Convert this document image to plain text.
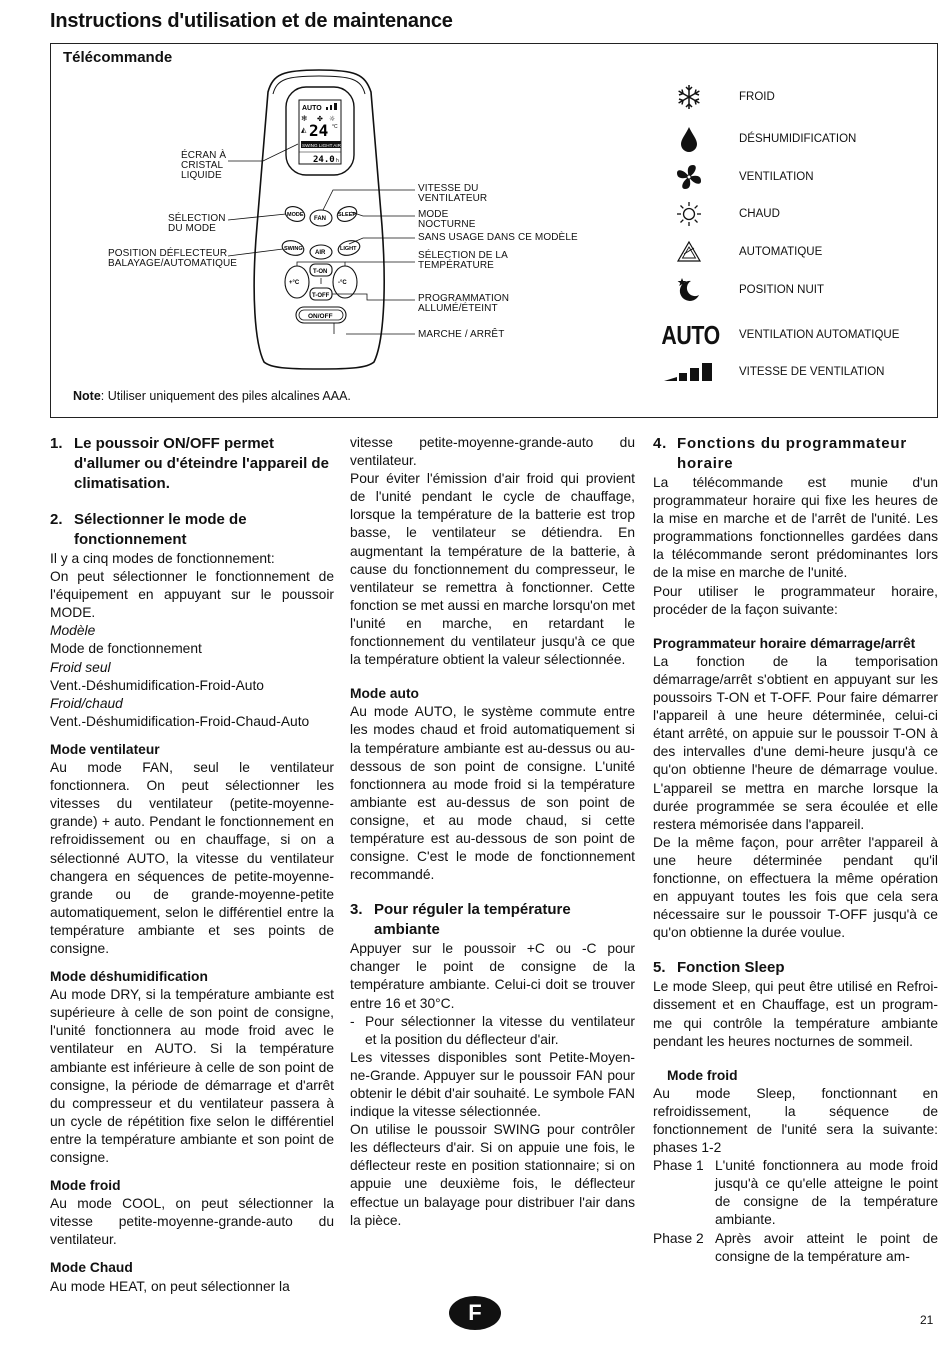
Instructions d'utilisation et de maintenance
Télécommande
AUTO
❄ ✤ ☼
24 °C
◭
SWING LIGHT AIR
24.0 h
MODE
FAN
SLEEP
SWING
AIR
LIGHT
+°C	-°C
T-ON
T-OFF
ON/OFF
ÉCRAN À
CRISTAL
LIQUIDE
SÉLECTION
DU MODE
POSITION DÉFLECTEUR
BALAYAGE/AUTOMATIQUE
VITESSE DU
VENTILATEUR
MODE
NOCTURNE
SANS USAGE DANS CE MODÈLE
SÉLECTION DE LA
TEMPÉRATURE
PROGRAMMATION
ALLUMÉ/ÉTEINT
MARCHE / ARRÊT
FROID
DÉSHUMIDIFICATION
VENTILATION
CHAUD
AUTOMATIQUE
POSITION NUIT
AUTO VENTILATION AUTOMATIQUE
VITESSE DE VENTILATION
Note: Utiliser uniquement des piles alcalines AAA.
1. Le poussoir ON/OFF permet d'allumer ou d'éteindre l'appareil de climatisation.
2. Sélectionner le mode de fonctionnement

Il y a cinq modes de fonctionnement:

On peut sélectionner le fonctionnement de l'équipement en appuyant sur le poussoir MODE.

Modèle

Mode de fonctionnement

Froid seul

Vent.-Déshumidification-Froid-Auto

Froid/chaud

Vent.-Déshumidification-Froid-Chaud-Auto

Mode ventilateur

Au mode FAN, seul le ventilateur fonctionnera. On peut sélectionner les vitesses du ventilateur (petite-moyenne-grande) + auto. Pendant le fonctionnement en refroidissement ou en chauffage, si on a sélectionné AUTO, la vitesse du ventilateur changera en séquences de petite-moyenne-grande ou de grande-moyenne-petite automatiquement, selon le différentiel entre la température ambiante et ses points de consigne.

Mode déshumidification

Au mode DRY, si la température ambiante est supérieure à celle de son point de consigne, l'unité fonctionnera au mode froid avec le ventilateur en AUTO. Si la température ambiante est inférieure à celle de son point de consigne, la période de démarrage et d'arrêt du compresseur et du ventilateur passera à un cycle de répétition fixe selon le différentiel entre la température ambiante et son point de consigne.

Mode froid

Au mode COOL, on peut sélectionner la vitesse petite-moyenne-grande-auto du ventilateur.

Mode Chaud

Au mode HEAT, on peut sélectionner la

vitesse petite-moyenne-grande-auto du ventilateur.

Pour éviter l'émission d'air froid qui provient de l'unité pendant le cycle de chauffage, lorsque la température de la batterie est trop basse, le ventilateur se détiendra. En augmentant la température de la batterie, à cause du fonctionnement du compresseur, le ventilateur se remettra à fonctionner. Cette fonction se met aussi en marche lorsqu'on met l'unité en marche, en retardant le fonctionnement du ventilateur jusqu'à ce que la température obtient la valeur sélectionnée.

Mode auto

Au mode AUTO, le système commute entre les modes chaud et froid automatiquement si la température ambiante est au-dessus ou au-dessous de son point de consigne. L'unité fonctionnera au mode froid si la température ambiante est au-dessus de son point de consigne, et au mode chaud, si cette température est au-dessous de son point de consigne. C'est le mode de fonctionnement recommandé.

3. Pour réguler la température ambiante

Appuyer sur le poussoir +C ou -C pour changer le point de consigne de la température ambiante. Celui-ci doit se trouver entre 16 et 30°C.

- Pour sélectionner la vitesse du ventilateur et la position du déflecteur d'air.

Les vitesses disponibles sont Petite-Moyen-ne-Grande. Appuyer sur le poussoir FAN pour obtenir le débit d'air souhaité. Le symbole FAN indique la vitesse sélectionnée.

On utilise le poussoir SWING pour contrôler les déflecteurs d'air. Si on appuie une fois, le déflecteur reste en position stationnaire; si on appuie une deuxième fois, le déflecteur effectue un balayage pour distribuer l'air dans la pièce.

4. Fonctions du programmateur horaire

La télécommande est munie d'un programmateur horaire qui fixe les heures de la mise en marche et de l'arrêt de l'unité. Les programmations fonctionnelles gardées dans la télécommande seront prédominantes lors de la mise en marche de l'unité.

Pour utiliser le programmateur horaire, procéder de la façon suivante:

Programmateur horaire démarrage/arrêt

La fonction de la temporisation démarrage/arrêt s'obtient en appuyant sur les poussoirs T-ON et T-OFF. Pour faire démarrer l'appareil à une heure déterminée, celui-ci étant arrêté, on appuie sur le poussoir T-ON à des intervalles d'une demi-heure jusqu'à ce qu'on obtienne l'heure de démarrage voulue. L'appareil se mettra en marche lorsque la durée programmée se sera écoulée et elle restera mémorisée dans l'appareil.

De la même façon, pour arrêter l'appareil à une heure déterminée pendant qu'il fonctionne, on effectuera la même opération en appuyant toutes les fois que cela sera nécessaire sur le poussoir T-OFF jusqu'à ce qu'on obtienne la durée voulue.

5. Fonction Sleep

Le mode Sleep, qui peut être utilisé en Refroi-dissement et en Chauffage, est un program-me qui contrôle la température ambiante pendant les heures nocturnes de sommeil.

Mode froid

Au mode Sleep, fonctionnant en refroidissement, la séquence de fonctionnement de l'unité sera la suivante: phases 1-2

Phase 1 L'unité fonctionnera au mode froid jusqu'à ce qu'elle atteigne le point de consigne de la température ambiante.

Phase 2 Après avoir atteint le point de consigne de la température am-

F	21
